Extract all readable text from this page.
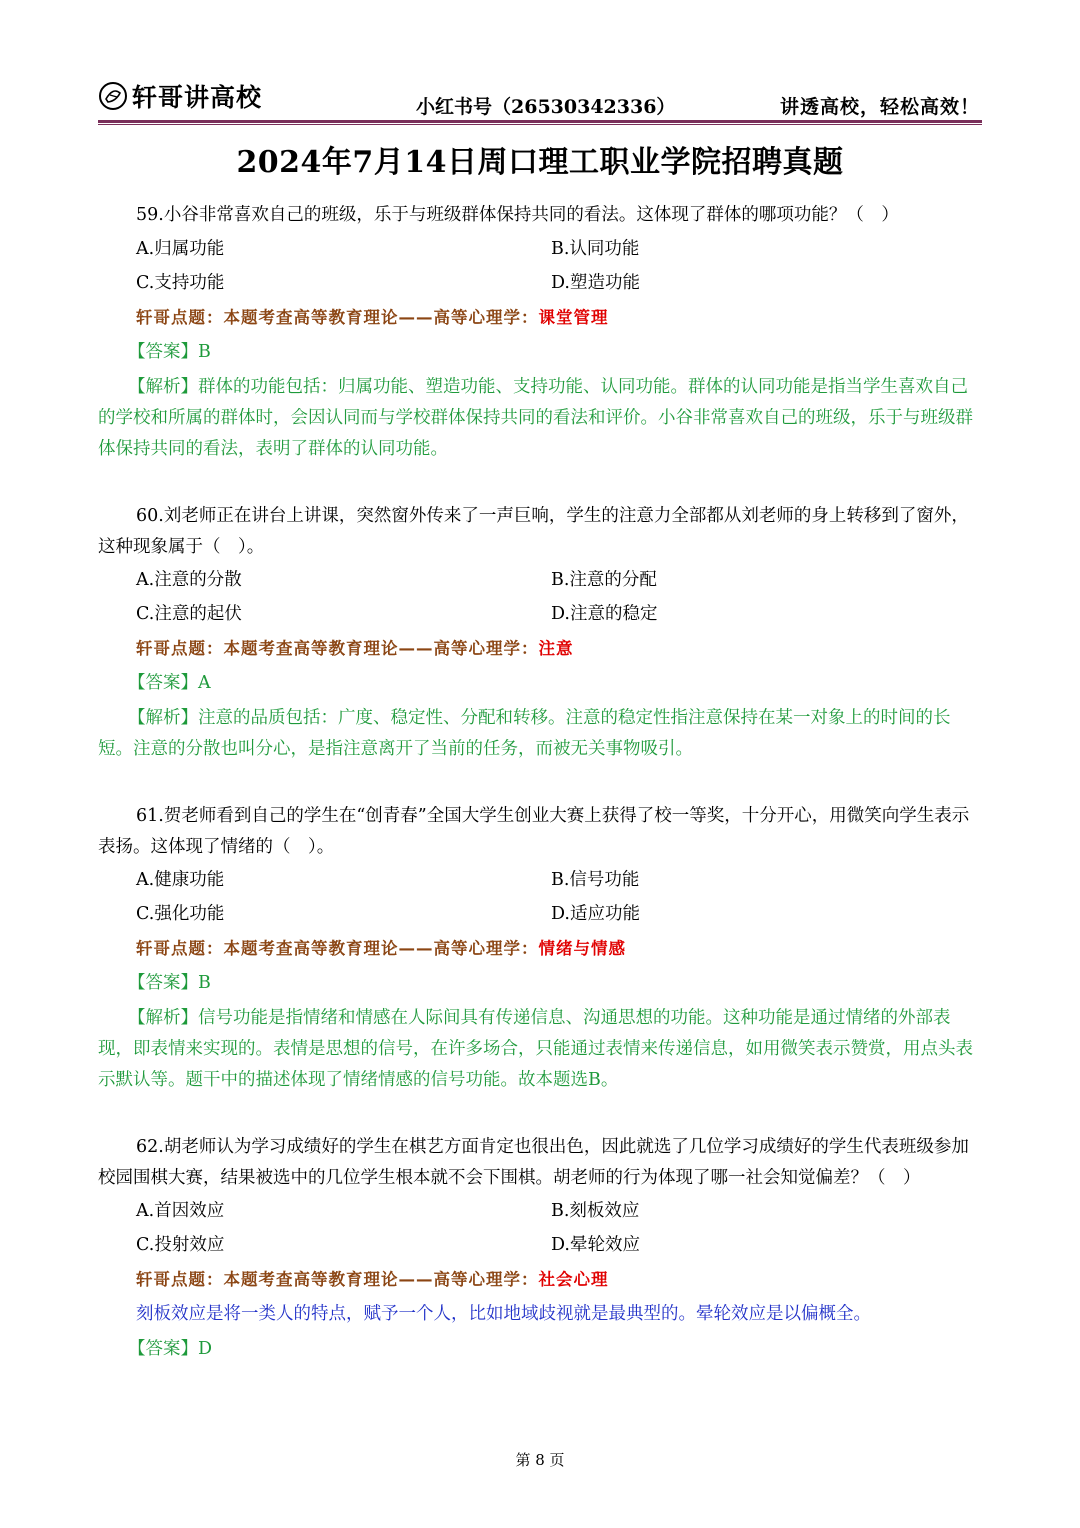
轩哥讲高校	小红书号（26530342336）	讲透高校，轻松高效！
2024年7月14日周口理工职业学院招聘真题
59.小谷非常喜欢自己的班级，乐于与班级群体保持共同的看法。这体现了群体的哪项功能？（　）
A.归属功能	B.认同功能
C.支持功能	D.塑造功能
轩哥点题：本题考查高等教育理论——高等心理学：课堂管理
【答案】B
【解析】群体的功能包括：归属功能、塑造功能、支持功能、认同功能。群体的认同功能是指当学生喜欢自己的学校和所属的群体时，会因认同而与学校群体保持共同的看法和评价。小谷非常喜欢自己的班级，乐于与班级群体保持共同的看法，表明了群体的认同功能。
60.刘老师正在讲台上讲课，突然窗外传来了一声巨响，学生的注意力全部都从刘老师的身上转移到了窗外，这种现象属于（　）。
A.注意的分散	B.注意的分配
C.注意的起伏	D.注意的稳定
轩哥点题：本题考查高等教育理论——高等心理学：注意
【答案】A
【解析】注意的品质包括：广度、稳定性、分配和转移。注意的稳定性指注意保持在某一对象上的时间的长短。注意的分散也叫分心，是指注意离开了当前的任务，而被无关事物吸引。
61.贺老师看到自己的学生在“创青春”全国大学生创业大赛上获得了校一等奖，十分开心，用微笑向学生表示表扬。这体现了情绪的（　）。
A.健康功能	B.信号功能
C.强化功能	D.适应功能
轩哥点题：本题考查高等教育理论——高等心理学：情绪与情感
【答案】B
【解析】信号功能是指情绪和情感在人际间具有传递信息、沟通思想的功能。这种功能是通过情绪的外部表现，即表情来实现的。表情是思想的信号，在许多场合，只能通过表情来传递信息，如用微笑表示赞赏，用点头表示默认等。题干中的描述体现了情绪情感的信号功能。故本题选B。
62.胡老师认为学习成绩好的学生在棋艺方面肯定也很出色，因此就选了几位学习成绩好的学生代表班级参加校园围棋大赛，结果被选中的几位学生根本就不会下围棋。胡老师的行为体现了哪一社会知觉偏差？（　）
A.首因效应	B.刻板效应
C.投射效应	D.晕轮效应
轩哥点题：本题考查高等教育理论——高等心理学：社会心理
刻板效应是将一类人的特点，赋予一个人，比如地域歧视就是最典型的。晕轮效应是以偏概全。
【答案】D
第 8 页
